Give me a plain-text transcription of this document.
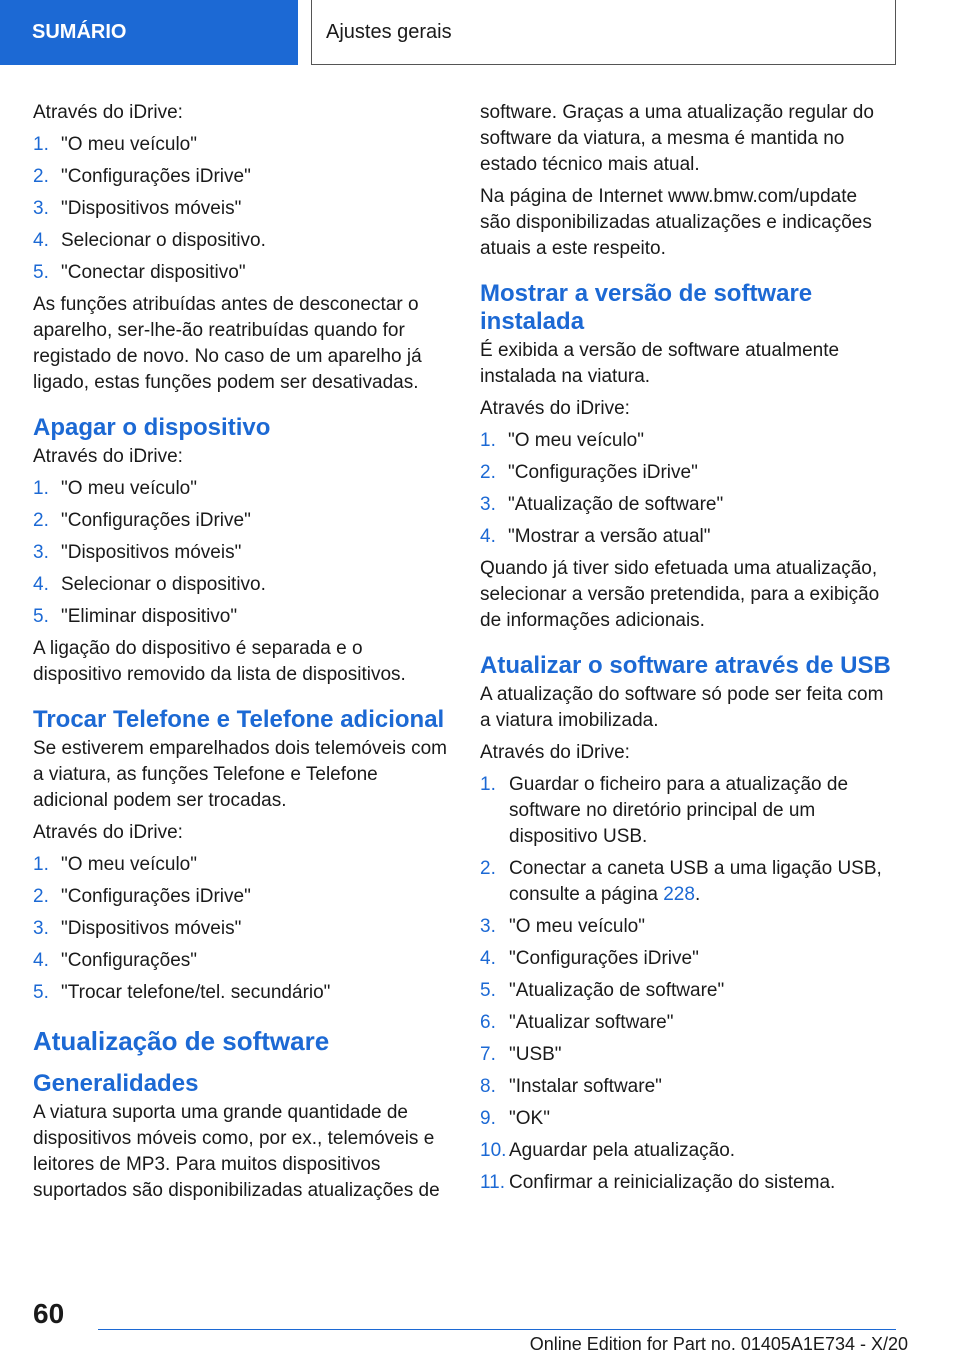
SUMÁRIO	Ajustes gerais

Através do iDrive:

1. "O meu veículo"
2. "Configurações iDrive"
3. "Dispositivos móveis"
4. Selecionar o dispositivo.
5. "Conectar dispositivo"

As funções atribuídas antes de desconectar o aparelho, ser-lhe-ão reatribuídas quando for registado de novo. No caso de um aparelho já ligado, estas funções podem ser desativadas.

Apagar o dispositivo

Através do iDrive:

1. "O meu veículo"
2. "Configurações iDrive"
3. "Dispositivos móveis"
4. Selecionar o dispositivo.
5. "Eliminar dispositivo"

A ligação do dispositivo é separada e o dispositivo removido da lista de dispositivos.

Trocar Telefone e Telefone adicional

Se estiverem emparelhados dois telemóveis com a viatura, as funções Telefone e Telefone adicional podem ser trocadas.

Através do iDrive:

1. "O meu veículo"
2. "Configurações iDrive"
3. "Dispositivos móveis"
4. "Configurações"
5. "Trocar telefone/tel. secundário"
Atualização de software
Generalidades

A viatura suporta uma grande quantidade de dispositivos móveis como, por ex., telemóveis e leitores de MP3. Para muitos dispositivos suportados são disponibilizadas atualizações de

software. Graças a uma atualização regular do software da viatura, a mesma é mantida no estado técnico mais atual.

Na página de Internet www.bmw.com/update são disponibilizadas atualizações e indicações atuais a este respeito.

Mostrar a versão de software instalada

É exibida a versão de software atualmente instalada na viatura.

Através do iDrive:

1. "O meu veículo"
2. "Configurações iDrive"
3. "Atualização de software"
4. "Mostrar a versão atual"

Quando já tiver sido efetuada uma atualização, selecionar a versão pretendida, para a exibição de informações adicionais.

Atualizar o software através de USB

A atualização do software só pode ser feita com a viatura imobilizada.

Através do iDrive:

1. Guardar o ficheiro para a atualização de software no diretório principal de um dispositivo USB.
2. Conectar a caneta USB a uma ligação USB, consulte a página 228.
3. "O meu veículo"
4. "Configurações iDrive"
5. "Atualização de software"
6. "Atualizar software"
7. "USB"
8. "Instalar software"
9. "OK"
10. Aguardar pela atualização.
11. Confirmar a reinicialização do sistema.
60
Online Edition for Part no. 01405A1E734 - X/20
